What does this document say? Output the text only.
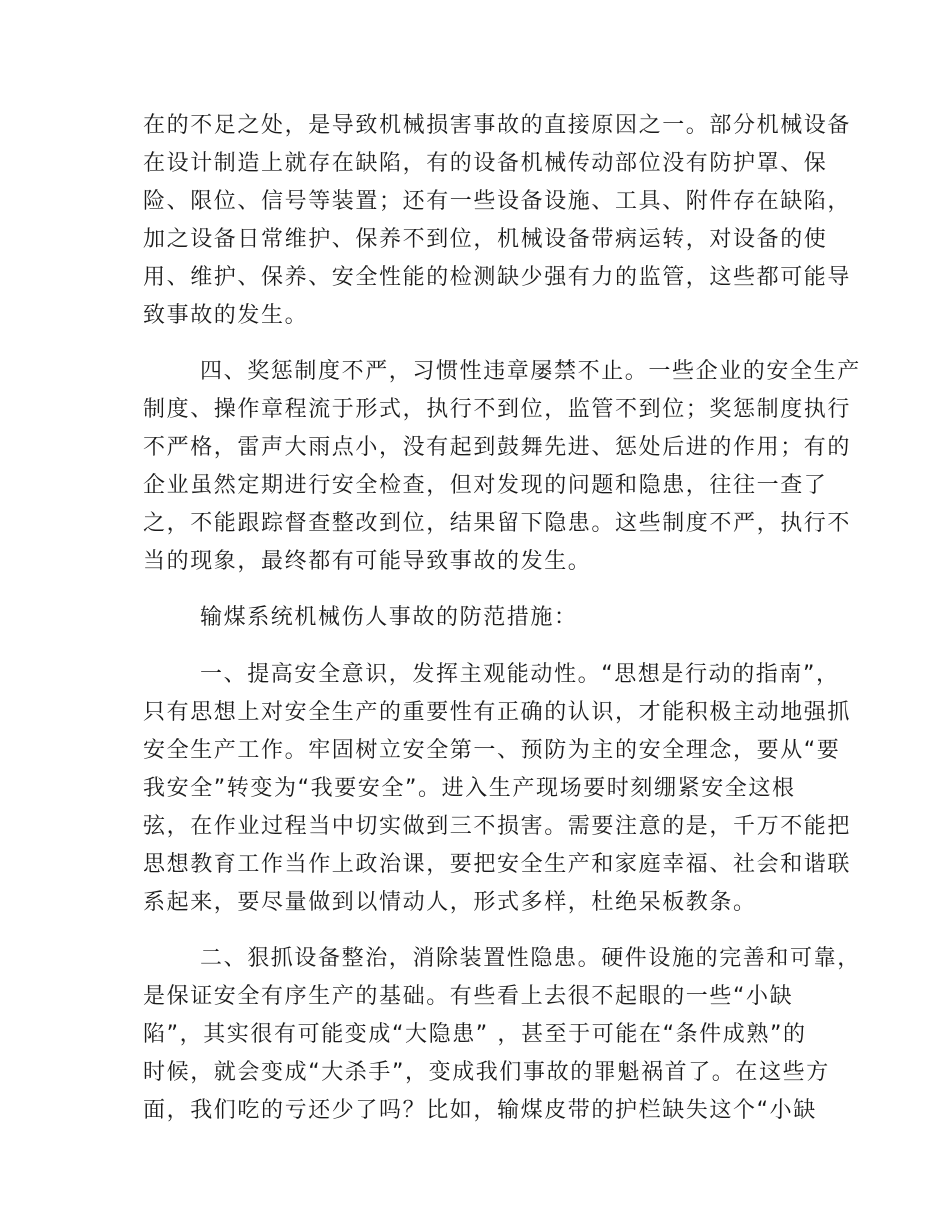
在的不足之处，是导致机械损害事故的直接原因之一。部分机械设备
在设计制造上就存在缺陷，有的设备机械传动部位没有防护罩、保
险、限位、信号等装置；还有一些设备设施、工具、附件存在缺陷，
加之设备日常维护、保养不到位，机械设备带病运转，对设备的使
用、维护、保养、安全性能的检测缺少强有力的监管，这些都可能导
致事故的发生。
四、奖惩制度不严，习惯性违章屡禁不止。一些企业的安全生产
制度、操作章程流于形式，执行不到位，监管不到位；奖惩制度执行
不严格，雷声大雨点小，没有起到鼓舞先进、惩处后进的作用；有的
企业虽然定期进行安全检查，但对发现的问题和隐患，往往一查了
之，不能跟踪督查整改到位，结果留下隐患。这些制度不严，执行不
当的现象，最终都有可能导致事故的发生。
输煤系统机械伤人事故的防范措施：
一、提高安全意识，发挥主观能动性。“思想是行动的指南”，
只有思想上对安全生产的重要性有正确的认识，才能积极主动地强抓
安全生产工作。牢固树立安全第一、预防为主的安全理念，要从“要
我安全”转变为“我要安全”。进入生产现场要时刻绷紧安全这根
弦，在作业过程当中切实做到三不损害。需要注意的是，千万不能把
思想教育工作当作上政治课，要把安全生产和家庭幸福、社会和谐联
系起来，要尽量做到以情动人，形式多样，杜绝呆板教条。
二、狠抓设备整治，消除装置性隐患。硬件设施的完善和可靠，
是保证安全有序生产的基础。有些看上去很不起眼的一些“小缺
陷”，其实很有可能变成“大隐患” ，甚至于可能在“条件成熟”的
时候，就会变成“大杀手”，变成我们事故的罪魁祸首了。在这些方
面，我们吃的亏还少了吗？比如，输煤皮带的护栏缺失这个“小缺
